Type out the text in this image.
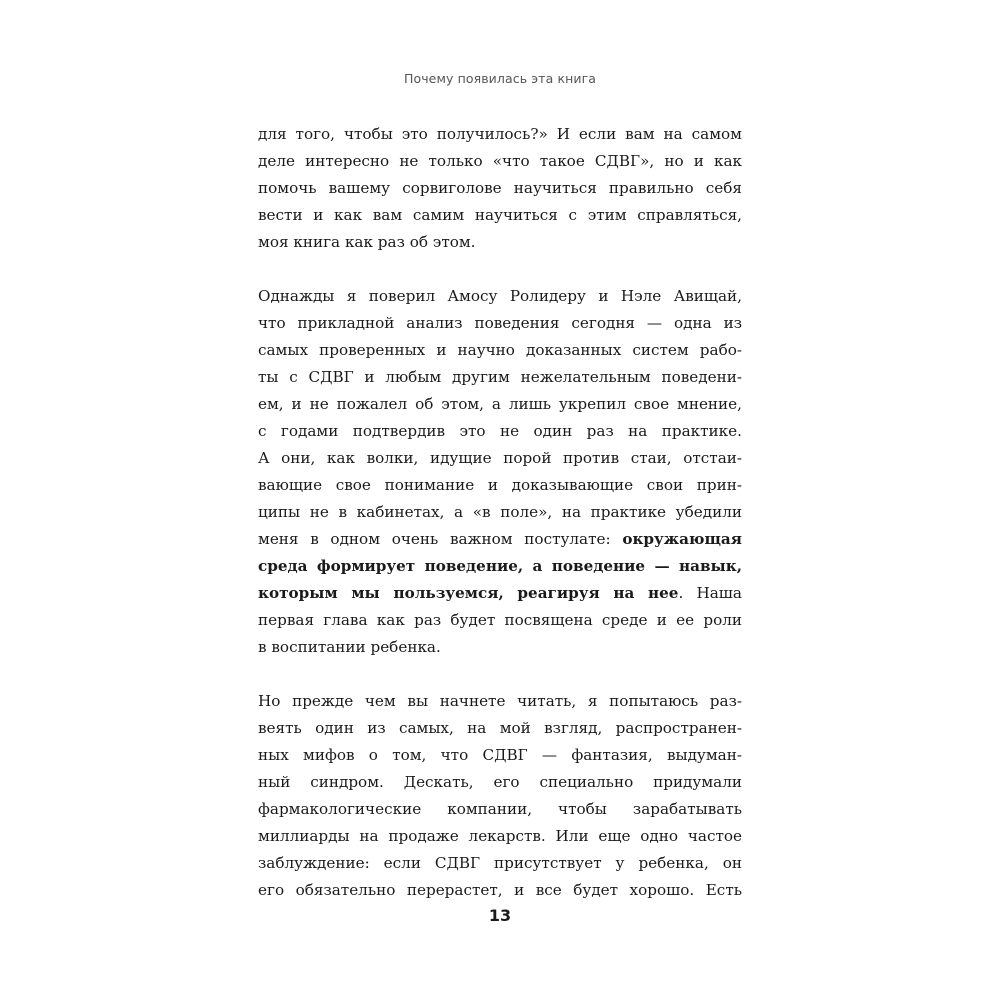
Почему появилась эта книга
для того, чтобы это получилось?» И если вам на самом
деле интересно не только «что такое СДВГ», но и как
помочь вашему сорвиголове научиться правильно себя
вести и как вам самим научиться с этим справляться,
моя книга как раз об этом.
Однажды я поверил Амосу Ролидеру и Нэле Авищай,
что прикладной анализ поведения сегодня — одна из
самых проверенных и научно доказанных систем рабо-
ты с СДВГ и любым другим нежелательным поведени-
ем, и не пожалел об этом, а лишь укрепил свое мнение,
с годами подтвердив это не один раз на практике.
А они, как волки, идущие порой против стаи, отстаи-
вающие свое понимание и доказывающие свои прин-
ципы не в кабинетах, а «в поле», на практике убедили
меня в одном очень важном постулате: окружающая
среда формирует поведение, а поведение — навык,
которым мы пользуемся, реагируя на нее. Наша
первая глава как раз будет посвящена среде и ее роли
в воспитании ребенка.
Но прежде чем вы начнете читать, я попытаюсь раз-
веять один из самых, на мой взгляд, распространен-
ных мифов о том, что СДВГ — фантазия, выдуман-
ный синдром. Дескать, его специально придумали
фармакологические компании, чтобы зарабатывать
миллиарды на продаже лекарств. Или еще одно частое
заблуждение: если СДВГ присутствует у ребенка, он
его обязательно перерастет, и все будет хорошо. Есть
13
